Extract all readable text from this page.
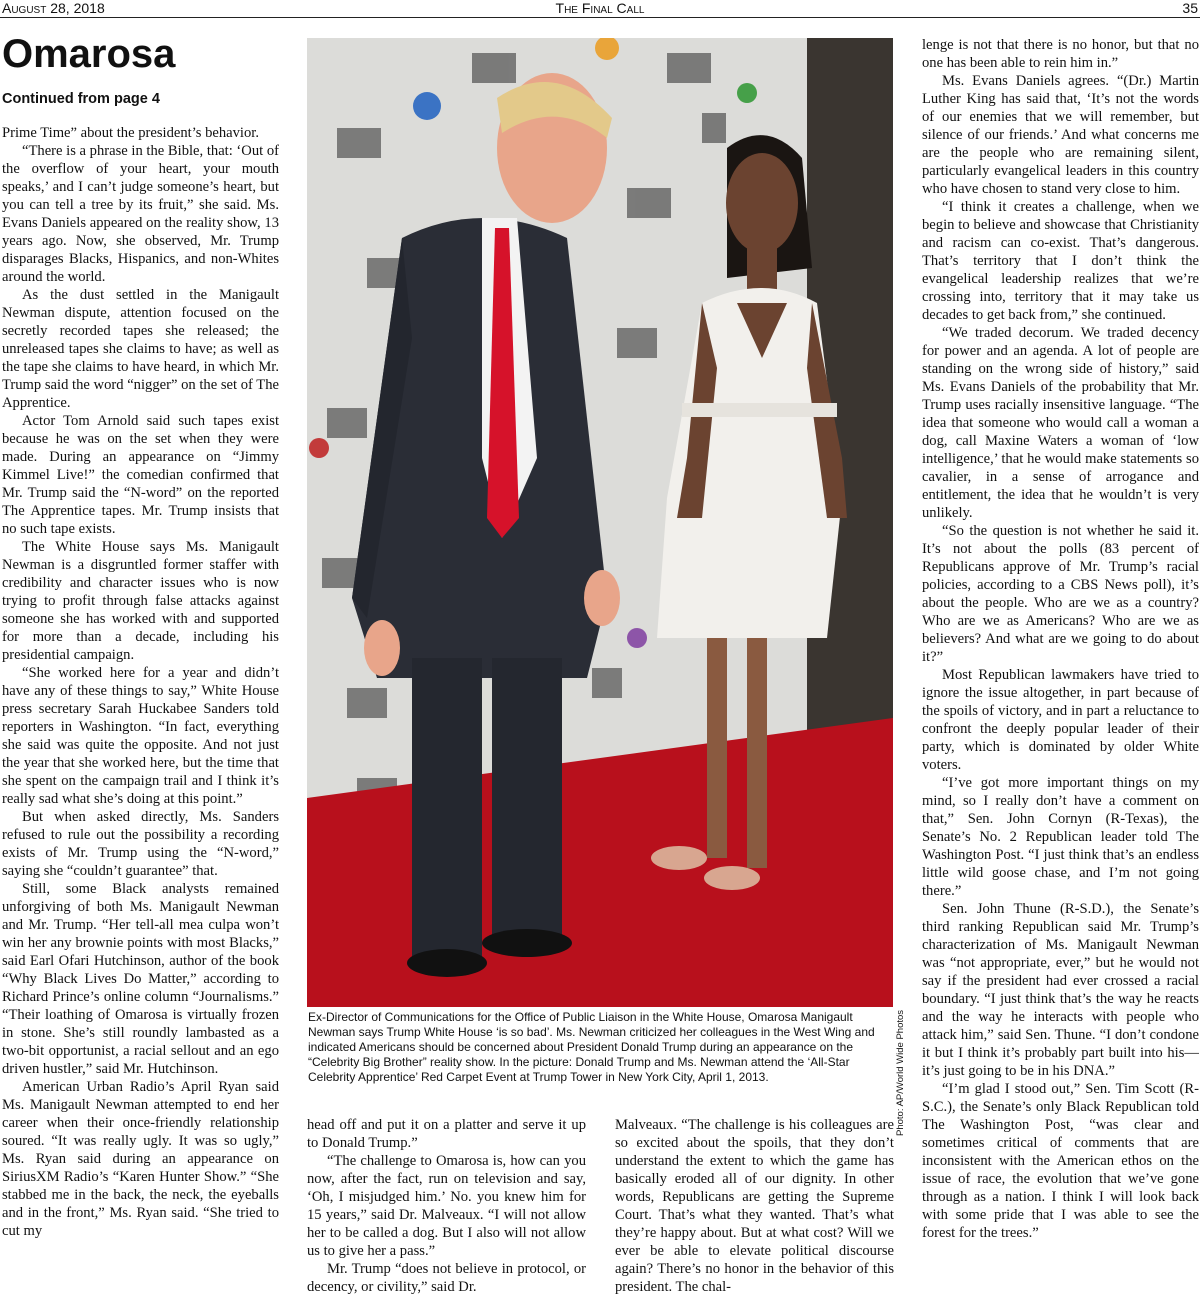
August 28, 2018	The Final Call	35
Omarosa
Continued from page 4

Prime Time” about the president’s behavior.

“There is a phrase in the Bible, that: ‘Out of the overflow of your heart, your mouth speaks,’ and I can’t judge someone’s heart, but you can tell a tree by its fruit,” she said. Ms. Evans Daniels appeared on the reality show, 13 years ago. Now, she observed, Mr. Trump disparages Blacks, Hispanics, and non-Whites around the world.

As the dust settled in the Manigault Newman dispute, attention focused on the secretly recorded tapes she released; the unreleased tapes she claims to have; as well as the tape she claims to have heard, in which Mr. Trump said the word “nigger” on the set of The Apprentice.

Actor Tom Arnold said such tapes exist because he was on the set when they were made. During an appearance on “Jimmy Kimmel Live!” the comedian confirmed that Mr. Trump said the “N-word” on the reported The Apprentice tapes. Mr. Trump insists that no such tape exists.

The White House says Ms. Manigault Newman is a disgruntled former staffer with credibility and character issues who is now trying to profit through false attacks against someone she has worked with and supported for more than a decade, including his presidential campaign.

“She worked here for a year and didn’t have any of these things to say,” White House press secretary Sarah Huckabee Sanders told reporters in Washington. “In fact, everything she said was quite the opposite. And not just the year that she worked here, but the time that she spent on the campaign trail and I think it’s really sad what she’s doing at this point.”

But when asked directly, Ms. Sanders refused to rule out the possibility a recording exists of Mr. Trump using the “N-word,” saying she “couldn’t guarantee” that.

Still, some Black analysts remained unforgiving of both Ms. Manigault Newman and Mr. Trump. “Her tell-all mea culpa won’t win her any brownie points with most Blacks,” said Earl Ofari Hutchinson, author of the book “Why Black Lives Do Matter,” according to Richard Prince’s online column “Journalisms.” “Their loathing of Omarosa is virtually frozen in stone. She’s still roundly lambasted as a two-bit opportunist, a racial sellout and an ego driven hustler,” said Mr. Hutchinson.

American Urban Radio’s April Ryan said Ms. Manigault Newman attempted to end her career when their once-friendly relationship soured. “It was really ugly. It was so ugly,” Ms. Ryan said during an appearance on SiriusXM Radio’s “Karen Hunter Show.” “She stabbed me in the back, the neck, the eyeballs and in the front,” Ms. Ryan said. “She tried to cut my

Photo: AP/World Wide Photos
Ex-Director of Communications for the Office of Public Liaison in the White House, Omarosa Manigault Newman says Trump White House ‘is so bad’. Ms. Newman criticized her colleagues in the West Wing and indicated Americans should be concerned about President Donald Trump during an appearance on the “Celebrity Big Brother” reality show. In the picture: Donald Trump and Ms. Newman attend the ‘All-Star Celebrity Apprentice’ Red Carpet Event at Trump Tower in New York City, April 1, 2013.

head off and put it on a platter and serve it up to Donald Trump.”

“The challenge to Omarosa is, how can you now, after the fact, run on television and say, ‘Oh, I misjudged him.’ No. you knew him for 15 years,” said Dr. Malveaux. “I will not allow her to be called a dog. But I also will not allow us to give her a pass.”

Mr. Trump “does not believe in protocol, or decency, or civility,” said Dr.

Malveaux. “The challenge is his colleagues are so excited about the spoils, that they don’t understand the extent to which the game has basically eroded all of our dignity. In other words, Republicans are getting the Supreme Court. That’s what they wanted. That’s what they’re happy about. But at what cost? Will we ever be able to elevate political discourse again? There’s no honor in the behavior of this president. The chal-

lenge is not that there is no honor, but that no one has been able to rein him in.”

Ms. Evans Daniels agrees. “(Dr.) Martin Luther King has said that, ‘It’s not the words of our enemies that we will remember, but silence of our friends.’ And what concerns me are the people who are remaining silent, particularly evangelical leaders in this country who have chosen to stand very close to him.

“I think it creates a challenge, when we begin to believe and showcase that Christianity and racism can co-exist. That’s dangerous. That’s territory that I don’t think the evangelical leadership realizes that we’re crossing into, territory that it may take us decades to get back from,” she continued.

“We traded decorum. We traded decency for power and an agenda. A lot of people are standing on the wrong side of history,” said Ms. Evans Daniels of the probability that Mr. Trump uses racially insensitive language. “The idea that someone who would call a woman a dog, call Maxine Waters a woman of ‘low intelligence,’ that he would make statements so cavalier, in a sense of arrogance and entitlement, the idea that he wouldn’t is very unlikely.

“So the question is not whether he said it. It’s not about the polls (83 percent of Republicans approve of Mr. Trump’s racial policies, according to a CBS News poll), it’s about the people. Who are we as a country? Who are we as Americans? Who are we as believers? And what are we going to do about it?”

Most Republican lawmakers have tried to ignore the issue altogether, in part because of the spoils of victory, and in part a reluctance to confront the deeply popular leader of their party, which is dominated by older White voters.

“I’ve got more important things on my mind, so I really don’t have a comment on that,” Sen. John Cornyn (R-Texas), the Senate’s No. 2 Republican leader told The Washington Post. “I just think that’s an endless little wild goose chase, and I’m not going there.”

Sen. John Thune (R-S.D.), the Senate’s third ranking Republican said Mr. Trump’s characterization of Ms. Manigault Newman was “not appropriate, ever,” but he would not say if the president had ever crossed a racial boundary. “I just think that’s the way he reacts and the way he interacts with people who attack him,” said Sen. Thune. “I don’t condone it but I think it’s probably part built into his—it’s just going to be in his DNA.”

“I’m glad I stood out,” Sen. Tim Scott (R-S.C.), the Senate’s only Black Republican told The Washington Post, “was clear and sometimes critical of comments that are inconsistent with the American ethos on the issue of race, the evolution that we’ve gone through as a nation. I think I will look back with some pride that I was able to see the forest for the trees.”
